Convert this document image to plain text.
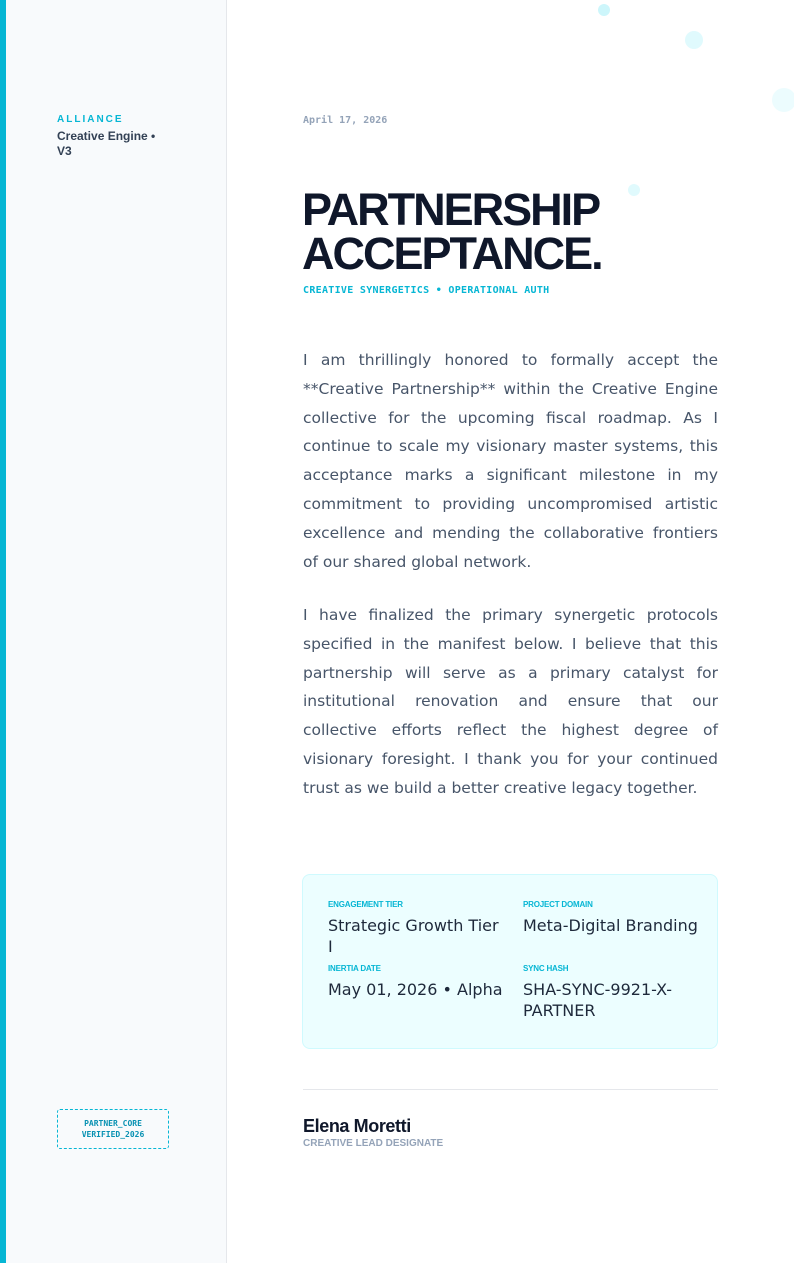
ALLIANCE
Creative Engine • V3
PARTNER_CORE
VERIFIED_2026
April 17, 2026
PARTNERSHIP
ACCEPTANCE.
CREATIVE SYNERGETICS • OPERATIONAL AUTH

I am thrillingly honored to formally accept the **Creative Partnership** within the Creative Engine collective for the upcoming fiscal roadmap. As I continue to scale my visionary master systems, this acceptance marks a significant milestone in my commitment to providing uncompromised artistic excellence and mending the collaborative frontiers of our shared global network.

I have finalized the primary synergetic protocols specified in the manifest below. I believe that this partnership will serve as a primary catalyst for institutional renovation and ensure that our collective efforts reflect the highest degree of visionary foresight. I thank you for your continued trust as we build a better creative legacy together.

ENGAGEMENT TIER
Strategic Growth Tier I
PROJECT DOMAIN
Meta-Digital Branding
INERTIA DATE
May 01, 2026 • Alpha
SYNC HASH
SHA-SYNC-9921-X-PARTNER
Elena Moretti
CREATIVE LEAD DESIGNATE
